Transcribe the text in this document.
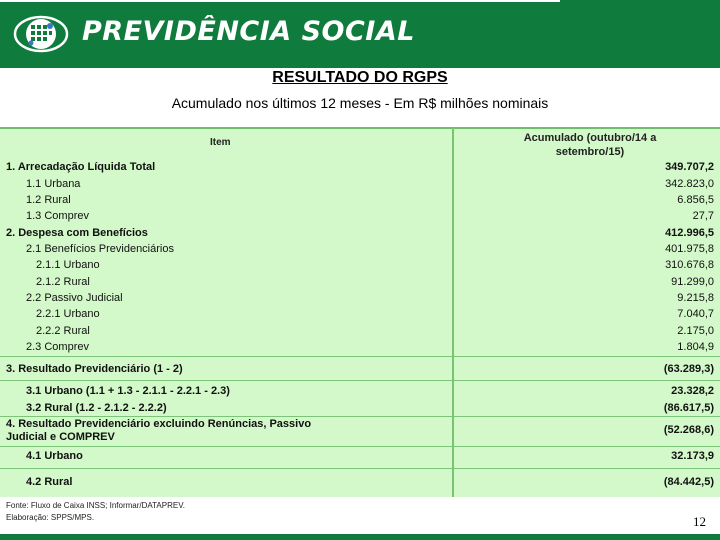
PREVIDÊNCIA SOCIAL
RESULTADO DO RGPS
Acumulado nos últimos 12 meses - Em R$ milhões nominais
Item	Acumulado (outubro/14 a
setembro/15)
1. Arrecadação Líquida Total	349.707,2
1.1 Urbana	342.823,0
1.2 Rural	6.856,5
1.3 Comprev	27,7
2. Despesa com Benefícios	412.996,5
2.1 Benefícios Previdenciários	401.975,8
2.1.1 Urbano	310.676,8
2.1.2 Rural	91.299,0
2.2 Passivo Judicial	9.215,8
2.2.1 Urbano	7.040,7
2.2.2 Rural	2.175,0
2.3 Comprev	1.804,9
3. Resultado Previdenciário (1 - 2)	(63.289,3)
3.1 Urbano (1.1 + 1.3 - 2.1.1 - 2.2.1 - 2.3)	23.328,2
3.2 Rural (1.2 - 2.1.2 - 2.2.2)	(86.617,5)
4. Resultado Previdenciário excluindo Renúncias, Passivo
Judicial e COMPREV
(52.268,6)
4.1 Urbano	32.173,9
4.2 Rural	(84.442,5)
Fonte: Fluxo de Caixa INSS; Informar/DATAPREV.
Elaboração: SPPS/MPS.	12
